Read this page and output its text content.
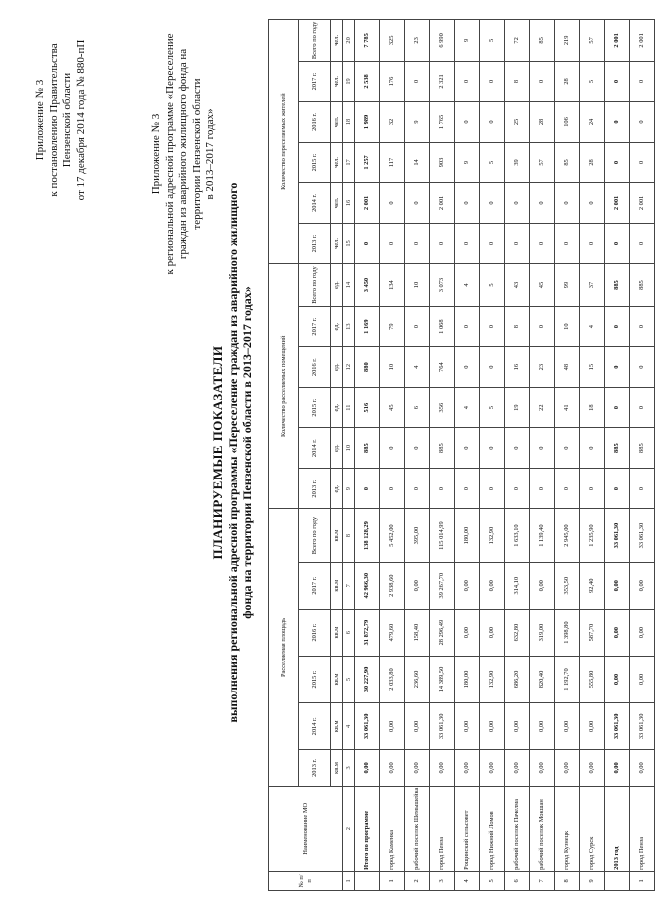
Приложение № 3 к постановлению Правительства Пензенской области от 17 декабря 2014 года № 880-пП	Приложение № 3 к региональной адресной программе «Переселение граждан из аварийного жилищного фонда на территории Пензенской области в 2013–2017 годах»
ПЛАНИРУЕМЫЕ ПОКАЗАТЕЛИ выполнения региональной адресной программы «Переселение граждан из аварийного жилищного фонда на территории Пензенской области в 2013–2017 годах»
№ п/п	Наименование МО	Расселяемая площадь						Количество расселяемых помещений						Количество переселяемых жителей					
		2013 г.	2014 г.	2015 г.	2016 г.	2017 г.	Всего по году	2013 г.	2014 г.	2015 г.	2016 г.	2017 г.	Всего по году	2013 г.	2014 г.	2015 г.	2016 г.	2017 г.	Всего по году
		кв.м	кв.м	кв.м	кв.м	кв.м	кв.м	ед.	ед.	ед.	ед.	ед.	ед.	чел.	чел.	чел.	чел.	чел.	чел.
1	2	3	4	5	6	7	8	9	10	11	12	13	14	15	16	17	18	19	20
	Итого по программе	0,00	33 061,30	30 227,90	31 872,79	42 966,30	138 128,29	0	885	516	880	1 169	3 450	0	2 001	1 257	1 989	2 538	7 785
1	город Каменка	0,00	0,00	2 033,80	479,60	2 938,60	5 452,00	0	0	45	10	79	134	0	0	117	32	176	325
2	рабочий поселок Шемышейка	0,00	0,00	236,60	158,40	0,00	395,00	0	0	6	4	0	10	0	0	14	9	0	23
3	город Пенза	0,00	33 061,30	14 389,50	28 296,49	39 267,70	115 014,99	0	885	356	764	1 068	3 073	0	2 001	903	1 765	2 321	6 990
4	Рощинский сельсовет	0,00	0,00	180,00	0,00	0,00	180,00	0	0	4	0	0	4	0	0	9	0	0	9
5	город Нижний Ломов	0,00	0,00	132,90	0,00	0,00	132,90	0	0	5	0	0	5	0	0	5	0	0	5
6	рабочий поселок Пачелма	0,00	0,00	686,20	632,80	314,10	1 633,10	0	0	19	16	8	43	0	0	39	25	8	72
7	рабочий поселок Мокшан	0,00	0,00	820,40	319,00	0,00	1 139,40	0	0	22	23	0	45	0	0	57	28	0	85
8	город Кузнецк	0,00	0,00	1 192,70	1 398,80	353,50	2 945,00	0	0	41	48	10	99	0	0	85	106	28	219
9	город Сурск	0,00	0,00	555,80	587,70	92,40	1 235,90	0	0	18	15	4	37	0	0	28	24	5	57
	2013 год	0,00	33 061,30	0,00	0,00	0,00	33 061,30	0	885	0	0	0	885	0	2 001	0	0	0	2 001
1	город Пенза	0,00	33 061,30	0,00	0,00	0,00	33 061,30	0	885	0	0	0	885	0	2 001	0	0	0	2 001
